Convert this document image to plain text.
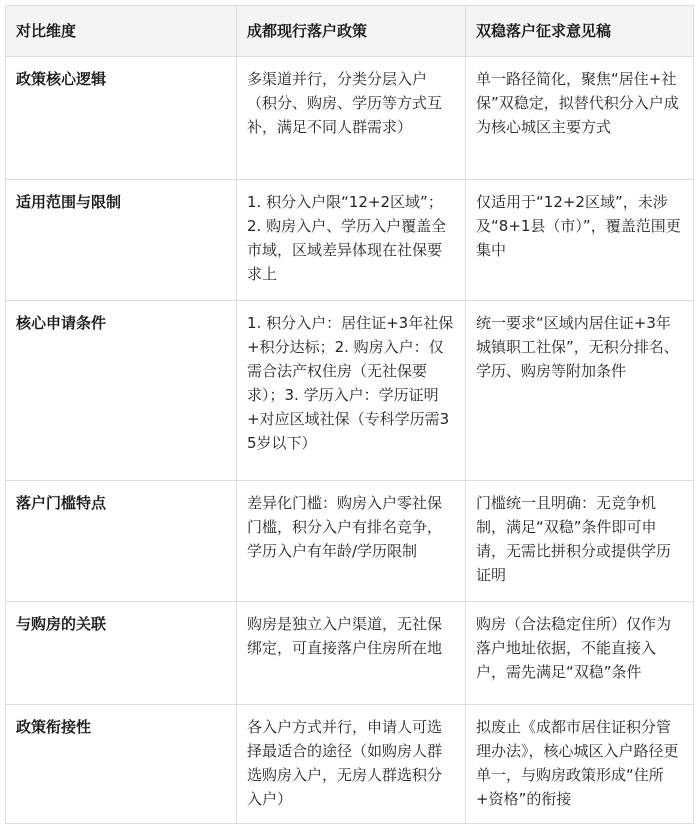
对比维度	成都现行落户政策	双稳落户征求意见稿
政策核心逻辑	多渠道并行，分类分层入户（积分、购房、学历等方式互补，满足不同人群需求）	单一路径简化，聚焦“居住+社保”双稳定，拟替代积分入户成为核心城区主要方式
适用范围与限制	1. 积分入户限“12+2区域”；2. 购房入户、学历入户覆盖全市域，区域差异体现在社保要求上	仅适用于“12+2区域”，未涉及“8+1县（市）”，覆盖范围更集中
核心申请条件	1. 积分入户：居住证+3年社保+积分达标；2. 购房入户：仅需合法产权住房（无社保要求）；3. 学历入户：学历证明+对应区域社保（专科学历需35岁以下）	统一要求“区域内居住证+3年城镇职工社保”，无积分排名、学历、购房等附加条件
落户门槛特点	差异化门槛：购房入户零社保门槛，积分入户有排名竞争，学历入户有年龄/学历限制	门槛统一且明确：无竞争机制，满足“双稳”条件即可申请，无需比拼积分或提供学历证明
与购房的关联	购房是独立入户渠道，无社保绑定，可直接落户住房所在地	购房（合法稳定住所）仅作为落户地址依据，不能直接入户，需先满足“双稳”条件
政策衔接性	各入户方式并行，申请人可选择最适合的途径（如购房人群选购房入户，无房人群选积分入户）	拟废止《成都市居住证积分管理办法》，核心城区入户路径更单一，与购房政策形成“住所+资格”的衔接
